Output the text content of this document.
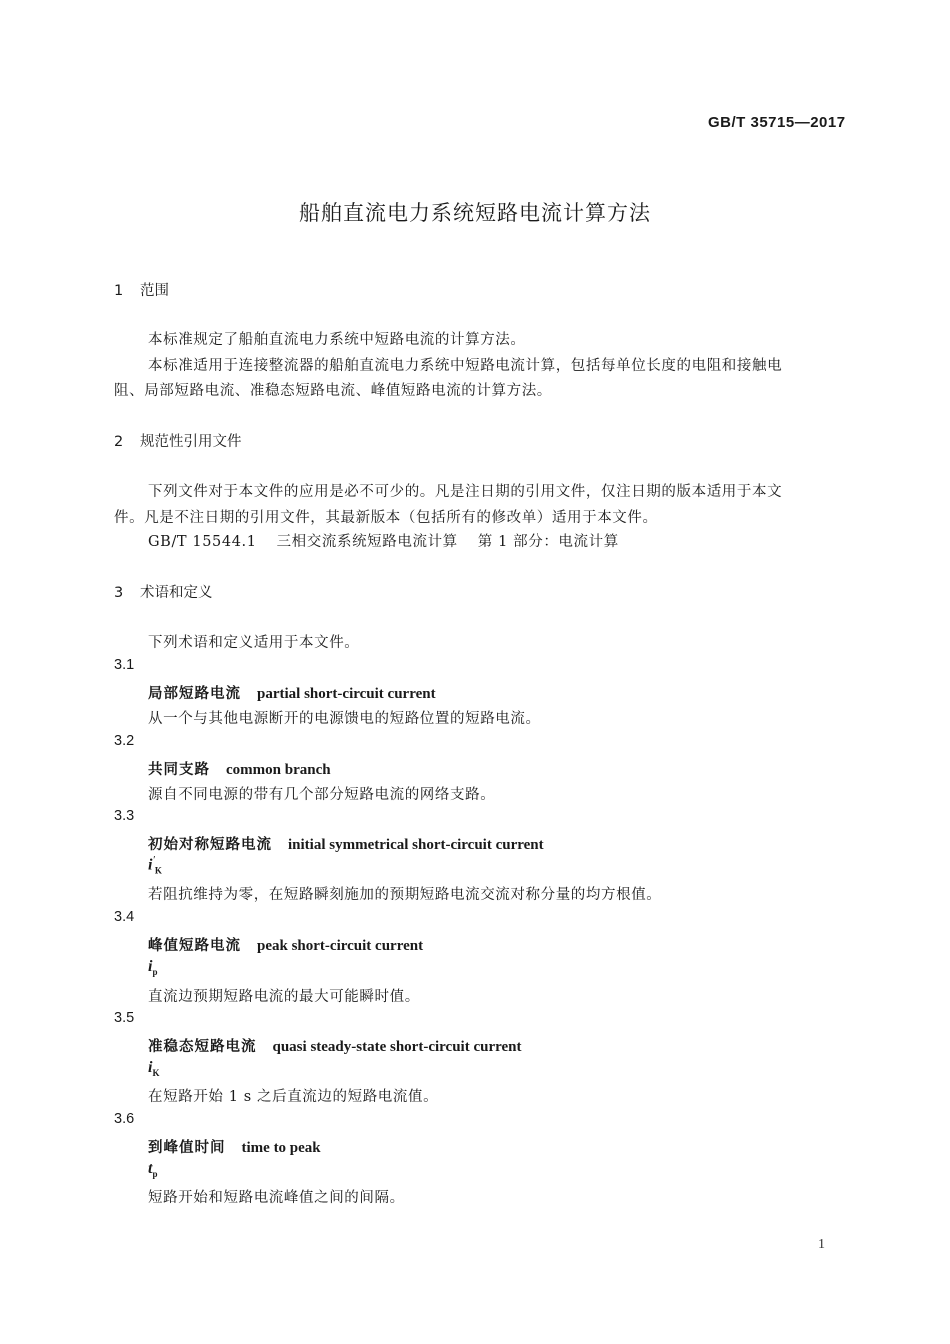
GB/T 35715—2017
船舶直流电力系统短路电流计算方法
1 范围
本标准规定了船舶直流电力系统中短路电流的计算方法。
本标准适用于连接整流器的船舶直流电力系统中短路电流计算，包括每单位长度的电阻和接触电
阻、局部短路电流、准稳态短路电流、峰值短路电流的计算方法。
2 规范性引用文件
下列文件对于本文件的应用是必不可少的。凡是注日期的引用文件，仅注日期的版本适用于本文
件。凡是不注日期的引用文件，其最新版本（包括所有的修改单）适用于本文件。
GB/T 15544.1 三相交流系统短路电流计算 第 1 部分：电流计算
3 术语和定义
下列术语和定义适用于本文件。
3.1
局部短路电流 partial short-circuit current
从一个与其他电源断开的电源馈电的短路位置的短路电流。
3.2
共同支路 common branch
源自不同电源的带有几个部分短路电流的网络支路。
3.3
初始对称短路电流 initial symmetrical short-circuit current
$i'_K$
若阻抗维持为零，在短路瞬刻施加的预期短路电流交流对称分量的均方根值。
3.4
峰值短路电流 peak short-circuit current
$i_p$
直流边预期短路电流的最大可能瞬时值。
3.5
准稳态短路电流 quasi steady-state short-circuit current
$i_K$
在短路开始 1 s 之后直流边的短路电流值。
3.6
到峰值时间 time to peak
$t_p$
短路开始和短路电流峰值之间的间隔。
1
